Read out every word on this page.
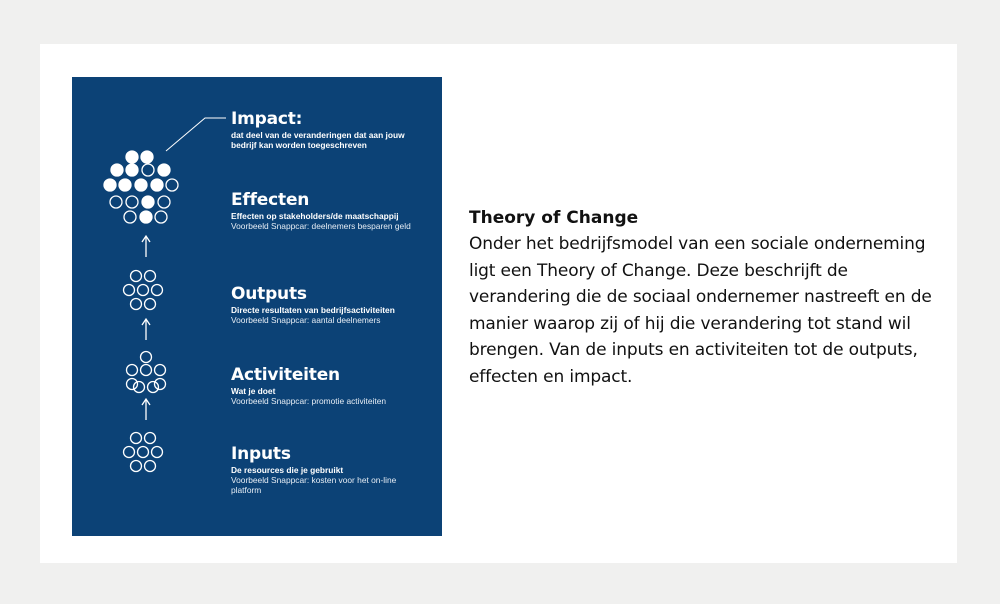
Impact:
dat deel van de veranderingen dat aan jouw bedrijf kan worden toegeschreven
Effecten
Effecten op stakeholders/de maatschappij
Voorbeeld Snappcar: deelnemers besparen geld
Outputs
Directe resultaten van bedrijfsactiviteiten
Voorbeeld Snappcar: aantal deelnemers
Activiteiten
Wat je doet
Voorbeeld Snappcar: promotie activiteiten
Inputs
De resources die je gebruikt
Voorbeeld Snappcar: kosten voor het on-line platform
Theory of Change
Onder het bedrijfsmodel van een sociale onderneming ligt een Theory of Change. Deze beschrijft de verandering die de sociaal ondernemer nastreeft en de manier waarop zij of hij die verandering tot stand wil brengen. Van de inputs en activiteiten tot de outputs, effecten en impact.
